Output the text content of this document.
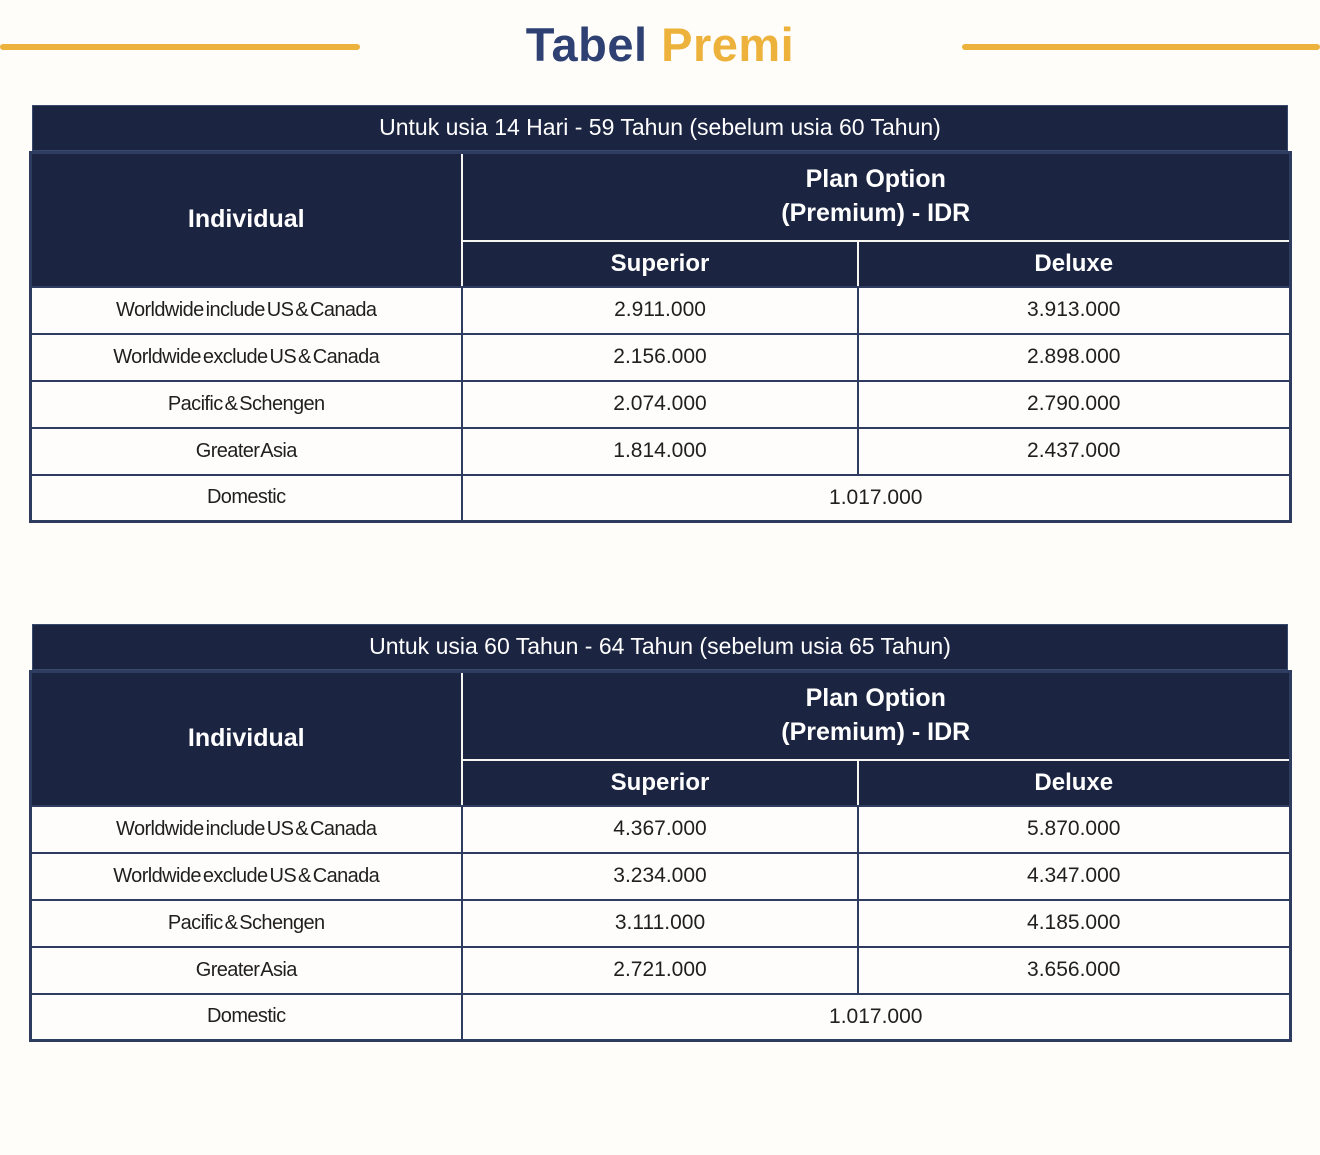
Tabel Premi
Untuk usia 14 Hari - 59 Tahun (sebelum usia 60 Tahun)
Individual	Plan Option
(Premium) - IDR	

	Superior	Deluxe
Worldwide include US & Canada	2.911.000	3.913.000
Worldwide exclude US & Canada	2.156.000	2.898.000
Pacific & Schengen	2.074.000	2.790.000
Greater Asia	1.814.000	2.437.000
Domestic	1.017.000	
Untuk usia 60 Tahun - 64 Tahun (sebelum usia 65 Tahun)
Individual	Plan Option
(Premium) - IDR	

	Superior	Deluxe
Worldwide include US & Canada	4.367.000	5.870.000
Worldwide exclude US & Canada	3.234.000	4.347.000
Pacific & Schengen	3.111.000	4.185.000
Greater Asia	2.721.000	3.656.000
Domestic	1.017.000	
